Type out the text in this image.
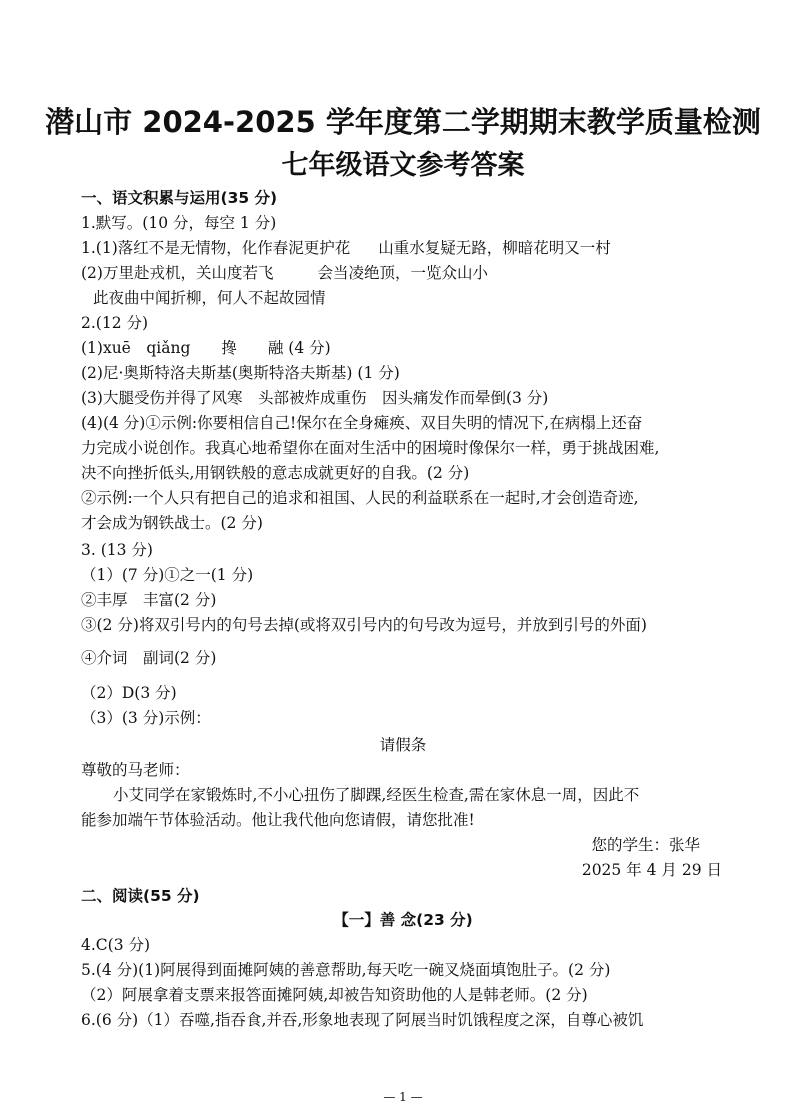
潜山市 2024-2025 学年度第二学期期末教学质量检测
七年级语文参考答案
一、语文积累与运用(35 分)
1.默写。(10 分，每空 1 分)
1.(1)落红不是无情物，化作春泥更护花 山重水复疑无路，柳暗花明又一村
(2)万里赴戎机，关山度若飞	会当凌绝顶，一览众山小
此夜曲中闻折柳，何人不起故园情
2.(12 分)
(1)xuē　qiǎng　　搀　　融 (4 分)
(2)尼·奥斯特洛夫斯基(奥斯特洛夫斯基) (1 分)
(3)大腿受伤并得了风寒　头部被炸成重伤　因头痛发作而晕倒(3 分)
(4)(4 分)①示例:你要相信自己!保尔在全身瘫痪、双目失明的情况下,在病榻上还奋
力完成小说创作。我真心地希望你在面对生活中的困境时像保尔一样，勇于挑战困难,
决不向挫折低头,用钢铁般的意志成就更好的自我。(2 分)
②示例:一个人只有把自己的追求和祖国、人民的利益联系在一起时,才会创造奇迹,
才会成为钢铁战士。(2 分)
3. (13 分)
（1）(7 分)①之一(1 分)
②丰厚　丰富(2 分)
③(2 分)将双引号内的句号去掉(或将双引号内的句号改为逗号，并放到引号的外面)
④介词　副词(2 分)
（2）D(3 分)
（3）(3 分)示例：
请假条
尊敬的马老师：
小艾同学在家锻炼时,不小心扭伤了脚踝,经医生检查,需在家休息一周，因此不
能参加端午节体验活动。他让我代他向您请假，请您批准!
您的学生：张华
2025 年 4 月 29 日
二、阅读(55 分)
【一】善 念(23 分)
4.C(3 分)
5.(4 分)(1)阿展得到面摊阿姨的善意帮助,每天吃一碗叉烧面填饱肚子。(2 分)
（2）阿展拿着支票来报答面摊阿姨,却被告知资助他的人是韩老师。(2 分)
6.(6 分)（1）吞噬,指吞食,并吞,形象地表现了阿展当时饥饿程度之深，自尊心被饥
— 1 —
